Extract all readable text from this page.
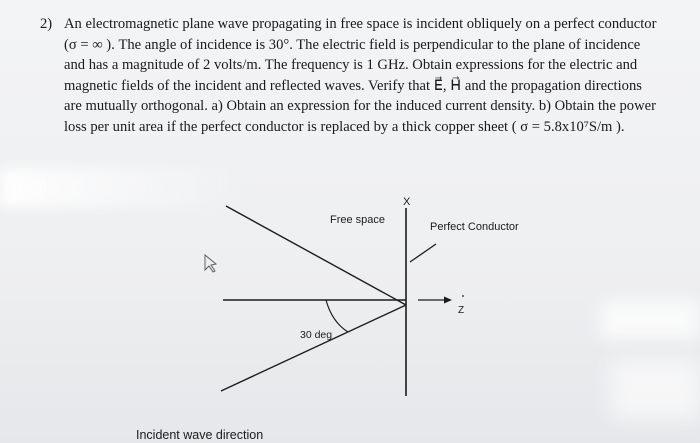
2) An electromagnetic plane wave propagating in free space is incident obliquely on a perfect conductor
(σ = ∞ ). The angle of incidence is 30°. The electric field is perpendicular to the plane of incidence
and has a magnitude of 2 volts/m. The frequency is 1 GHz. Obtain expressions for the electric and
magnetic fields of the incident and reflected waves. Verify that E⃗, H⃗ and the propagation directions
are mutually orthogonal. a) Obtain an expression for the induced current density. b) Obtain the power
loss per unit area if the perfect conductor is replaced by a thick copper sheet ( σ = 5.8x10⁷S/m ).
X
Z
Free space
Perfect Conductor
30 deg
Incident wave direction
